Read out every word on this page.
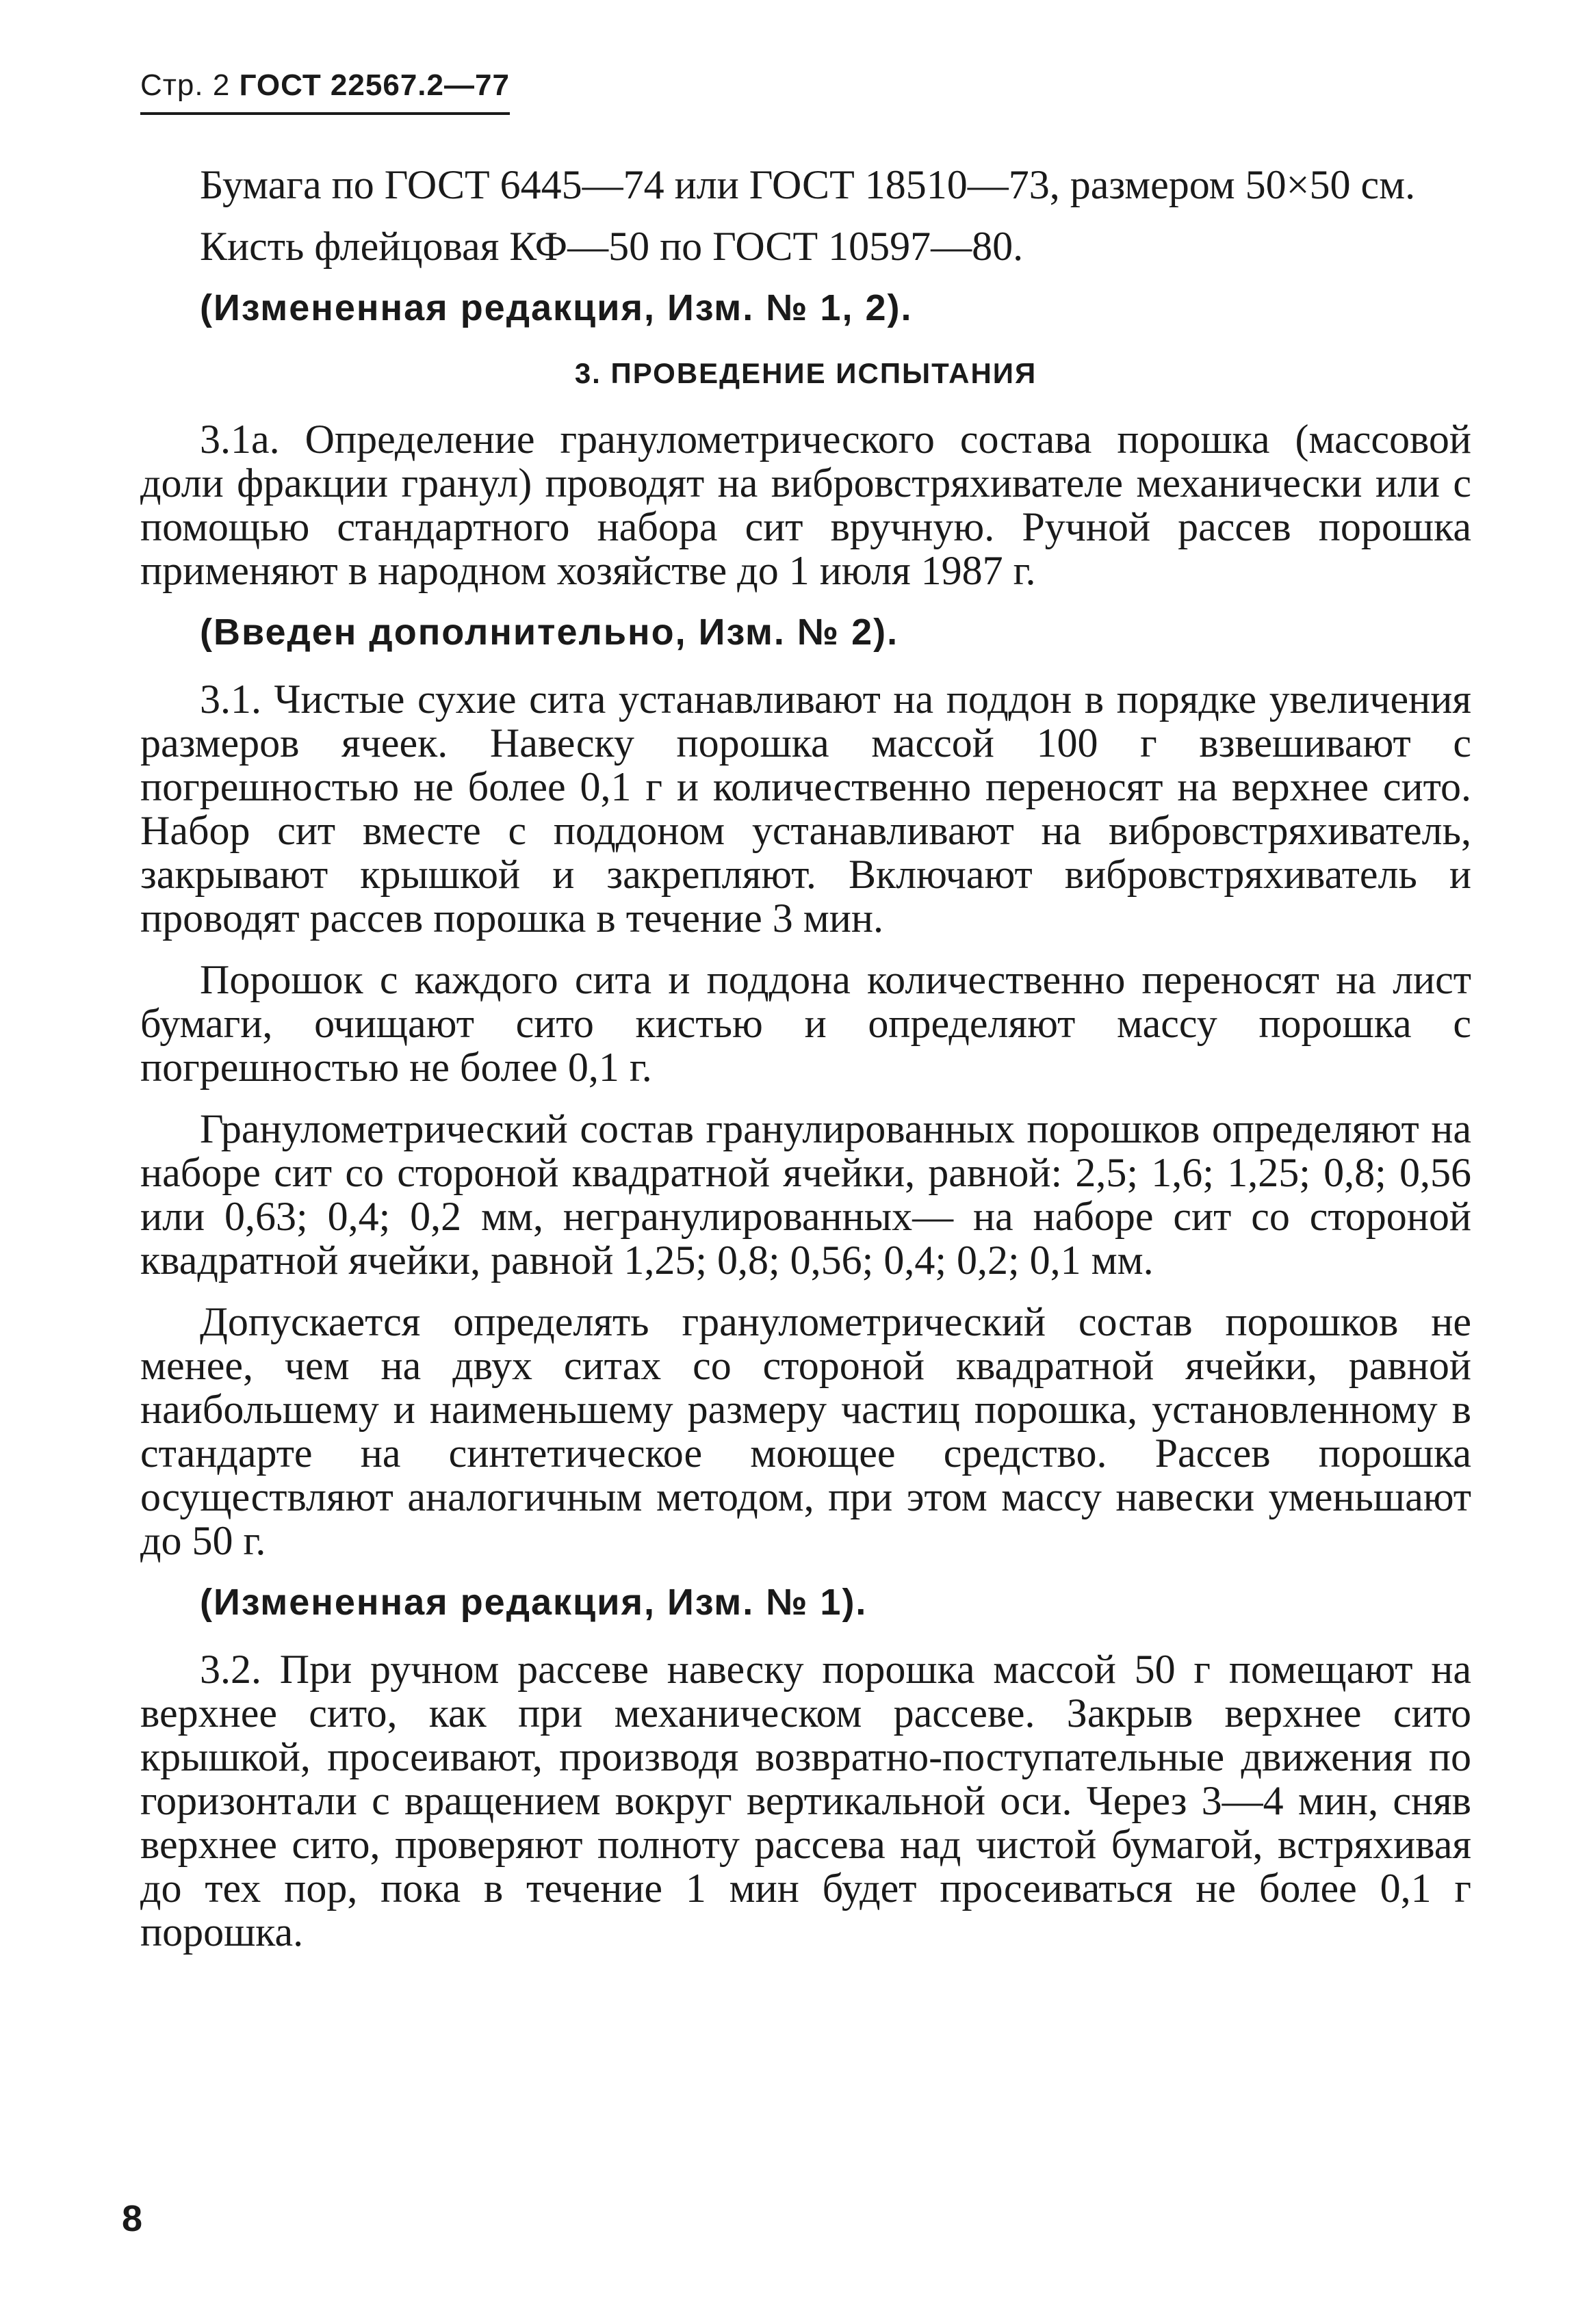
Стр. 2 ГОСТ 22567.2—77

Бумага по ГОСТ 6445—74 или ГОСТ 18510—73, размером 50×50 см.

Кисть флейцовая КФ—50 по ГОСТ 10597—80.

(Измененная редакция, Изм. № 1, 2).

3. ПРОВЕДЕНИЕ ИСПЫТАНИЯ

3.1а. Определение гранулометрического состава порошка (массовой доли фракции гранул) проводят на вибровстряхивателе механически или с помощью стандартного набора сит вручную. Ручной рассев порошка применяют в народном хозяйстве до 1 июля 1987 г.

(Введен дополнительно, Изм. № 2).

3.1. Чистые сухие сита устанавливают на поддон в порядке увеличения размеров ячеек. Навеску порошка массой 100 г взвешивают с погрешностью не более 0,1 г и количественно переносят на верхнее сито. Набор сит вместе с поддоном устанавливают на вибровстряхиватель, закрывают крышкой и закрепляют. Включают вибровстряхиватель и проводят рассев порошка в течение 3 мин.

Порошок с каждого сита и поддона количественно переносят на лист бумаги, очищают сито кистью и определяют массу порошка с погрешностью не более 0,1 г.

Гранулометрический состав гранулированных порошков определяют на наборе сит со стороной квадратной ячейки, равной: 2,5; 1,6; 1,25; 0,8; 0,56 или 0,63; 0,4; 0,2 мм, негранулированных— на наборе сит со стороной квадратной ячейки, равной 1,25; 0,8; 0,56; 0,4; 0,2; 0,1 мм.

Допускается определять гранулометрический состав порошков не менее, чем на двух ситах со стороной квадратной ячейки, равной наибольшему и наименьшему размеру частиц порошка, установленному в стандарте на синтетическое моющее средство. Рассев порошка осуществляют аналогичным методом, при этом массу навески уменьшают до 50 г.

(Измененная редакция, Изм. № 1).

3.2. При ручном рассеве навеску порошка массой 50 г помещают на верхнее сито, как при механическом рассеве. Закрыв верхнее сито крышкой, просеивают, производя возвратно-поступательные движения по горизонтали с вращением вокруг вертикальной оси. Через 3—4 мин, сняв верхнее сито, проверяют полноту рассева над чистой бумагой, встряхивая до тех пор, пока в течение 1 мин будет просеиваться не более 0,1 г порошка.

8
